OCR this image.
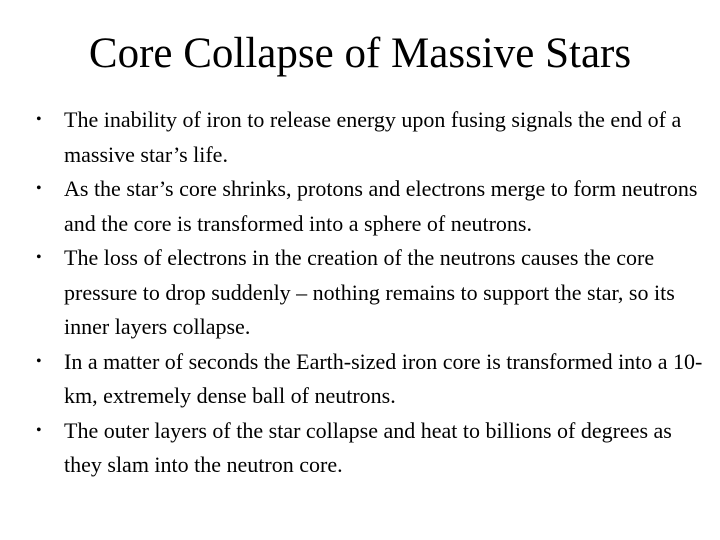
Core Collapse of Massive Stars
•	The inability of iron to release energy upon fusing signals the end of a massive star’s life.
•	As the star’s core shrinks, protons and electrons merge to form neutrons and the core is transformed into a sphere of neutrons.
•	The loss of electrons in the creation of the neutrons causes the core pressure to drop suddenly – nothing remains to support the star, so its inner layers collapse.
•	In a matter of seconds the Earth-sized iron core is transformed into a 10-km, extremely dense ball of neutrons.
•	The outer layers of the star collapse and heat to billions of degrees as they slam into the neutron core.
